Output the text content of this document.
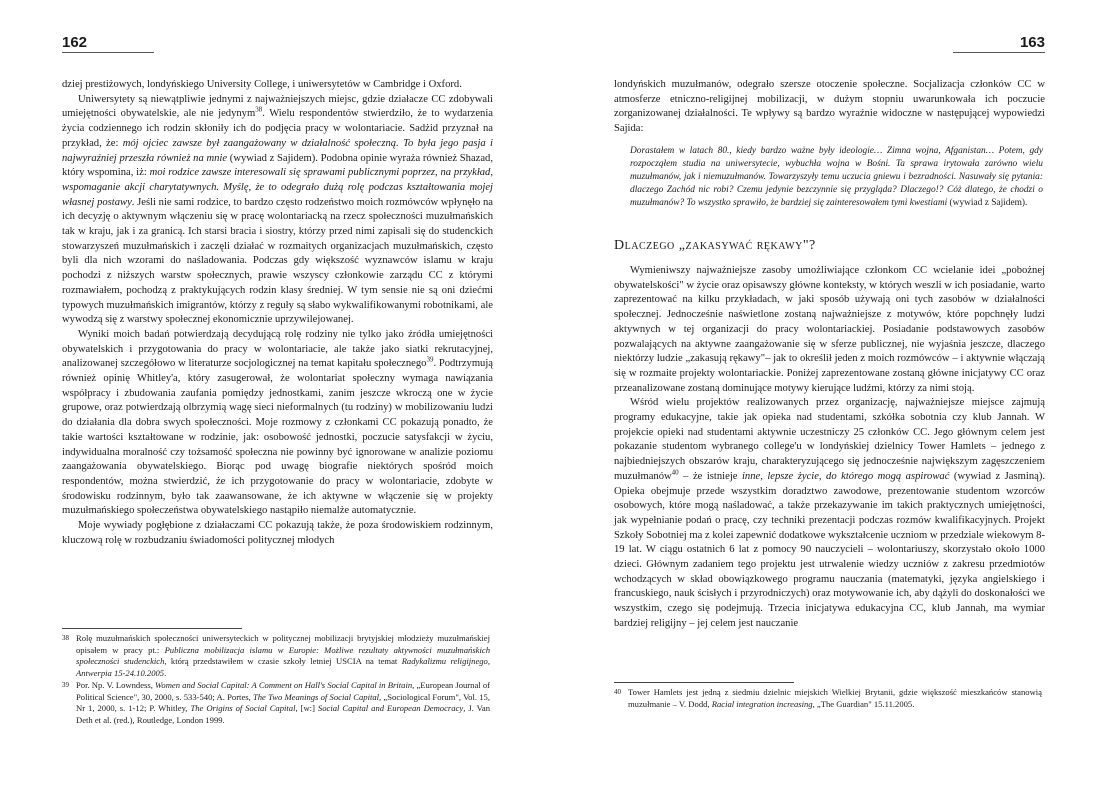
162

dziej prestiżowych, londyńskiego University College, i uniwersytetów w Cambridge i Oxford.

Uniwersytety są niewątpliwie jednymi z najważniejszych miejsc, gdzie działacze CC zdobywali umiejętności obywatelskie, ale nie jedynym$^{38}$. Wielu respondentów stwierdziło, że to wydarzenia życia codziennego ich rodzin skłoniły ich do podjęcia pracy w wolontariacie. Sadżid przyznał na przykład, że: mój ojciec zawsze był zaangażowany w działalność społeczną. To była jego pasja i najwyraźniej przeszła również na mnie (wywiad z Sajidem). Podobna opinie wyraża również Shazad, który wspomina, iż: moi rodzice zawsze interesowali się sprawami publicznymi poprzez, na przykład, wspomaganie akcji charytatywnych. Myślę, że to odegrało dużą rolę podczas kształtowania mojej własnej postawy. Jeśli nie sami rodzice, to bardzo często rodzeństwo moich rozmówców wpłynęło na ich decyzję o aktywnym włączeniu się w pracę wolontariacką na rzecz społeczności muzułmańskich tak w kraju, jak i za granicą. Ich starsi bracia i siostry, którzy przed nimi zapisali się do studenckich stowarzyszeń muzułmańskich i zaczęli działać w rozmaitych organizacjach muzułmańskich, często byli dla nich wzorami do naśladowania. Podczas gdy większość wyznawców islamu w kraju pochodzi z niższych warstw społecznych, prawie wszyscy członkowie zarządu CC z którymi rozmawiałem, pochodzą z praktykujących rodzin klasy średniej. W tym sensie nie są oni dziećmi typowych muzułmańskich imigrantów, którzy z reguły są słabo wykwalifikowanymi robotnikami, ale wywodzą się z warstwy społecznej ekonomicznie uprzywilejowanej.

Wyniki moich badań potwierdzają decydującą rolę rodziny nie tylko jako źródła umiejętności obywatelskich i przygotowania do pracy w wolontariacie, ale także jako siatki rekrutacyjnej, analizowanej szczegółowo w literaturze socjologicznej na temat kapitału społecznego$^{39}$. Podtrzymują również opinię Whitley'a, który zasugerował, że wolontariat społeczny wymaga nawiązania współpracy i zbudowania zaufania pomiędzy jednostkami, zanim jeszcze wkroczą one w życie grupowe, oraz potwierdzają olbrzymią wagę sieci nieformalnych (tu rodziny) w mobilizowaniu ludzi do działania dla dobra swych społeczności. Moje rozmowy z członkami CC pokazują ponadto, że takie wartości kształtowane w rodzinie, jak: osobowość jednostki, poczucie satysfakcji w życiu, indywidualna moralność czy tożsamość społeczna nie powinny być ignorowane w analizie poziomu zaangażowania obywatelskiego. Biorąc pod uwagę biografie niektórych spośród moich respondentów, można stwierdzić, że ich przygotowanie do pracy w wolontariacie, zdobyte w środowisku rodzinnym, było tak zaawansowane, że ich aktywne w włączenie się w projekty muzułmańskiego społeczeństwa obywatelskiego nastąpiło niemalże automatycznie.

Moje wywiady pogłębione z działaczami CC pokazują także, że poza środowiskiem rodzinnym, kluczową rolę w rozbudzaniu świadomości politycznej młodych

38 Rolę muzułmańskich społeczności uniwersyteckich w politycznej mobilizacji brytyjskiej młodzieży muzułmańskiej opisałem w pracy pt.: Publiczna mobilizacja islamu w Europie: Możliwe rezultaty aktywności muzułmańskich społeczności studenckich, którą przedstawiłem w czasie szkoły letniej USCIA na temat Radykalizmu religijnego, Antwerpia 15-24.10.2005.
39 Por. Np. V. Lowndess, Women and Social Capital: A Comment on Hall's Social Capital in Britain, „European Journal of Political Science", 30, 2000, s. 533-540; A. Portes, The Two Meanings of Social Capital, „Sociological Forum", Vol. 15, Nr 1, 2000, s. 1-12; P. Whitley, The Origins of Social Capital, [w:] Social Capital and European Democracy, J. Van Deth et al. (red.), Routledge, London 1999.
163

londyńskich muzułmanów, odegrało szersze otoczenie społeczne. Socjalizacja członków CC w atmosferze etniczno-religijnej mobilizacji, w dużym stopniu uwarunkowała ich poczucie zorganizowanej działalności. Te wpływy są bardzo wyraźnie widoczne w następującej wypowiedzi Sajida:

Dorastałem w latach 80., kiedy bardzo ważne były ideologie… Zimna wojna, Afganistan… Potem, gdy rozpocząłem studia na uniwersytecie, wybuchła wojna w Bośni. Ta sprawa irytowała zarówno wielu muzułmanów, jak i niemuzułmanów. Towarzyszyły temu uczucia gniewu i bezradności. Nasuwały się pytania: dlaczego Zachód nic robi? Czemu jedynie bezczynnie się przygląda? Dlaczego!? Cóż dlatego, że chodzi o muzułmanów? To wszystko sprawiło, że bardziej się zainteresowałem tymi kwestiami (wywiad z Sajidem).
Dlaczego „zakasywać rękawy"?

Wymieniwszy najważniejsze zasoby umożliwiające członkom CC wcielanie idei „pobożnej obywatelskości" w życie oraz opisawszy główne konteksty, w których weszli w ich posiadanie, warto zaprezentować na kilku przykładach, w jaki sposób używają oni tych zasobów w działalności społecznej. Jednocześnie naświetlone zostaną najważniejsze z motywów, które popchnęły ludzi aktywnych w tej organizacji do pracy wolontariackiej. Posiadanie podstawowych zasobów pozwalających na aktywne zaangażowanie się w sferze publicznej, nie wyjaśnia jeszcze, dlaczego niektórzy ludzie „zakasują rękawy"– jak to określił jeden z moich rozmówców – i aktywnie włączają się w rozmaite projekty wolontariackie. Poniżej zaprezentowane zostaną główne inicjatywy CC oraz przeanalizowane zostaną dominujące motywy kierujące ludźmi, którzy za nimi stoją.

Wśród wielu projektów realizowanych przez organizację, najważniejsze miejsce zajmują programy edukacyjne, takie jak opieka nad studentami, szkółka sobotnia czy klub Jannah. W projekcie opieki nad studentami aktywnie uczestniczy 25 członków CC. Jego głównym celem jest pokazanie studentom wybranego college'u w londyńskiej dzielnicy Tower Hamlets – jednego z najbiedniejszych obszarów kraju, charakteryzującego się jednocześnie największym zagęszczeniem muzułmanów$^{40}$ – że istnieje inne, lepsze życie, do którego mogą aspirować (wywiad z Jasminą). Opieka obejmuje przede wszystkim doradztwo zawodowe, prezentowanie studentom wzorców osobowych, które mogą naśladować, a także przekazywanie im takich praktycznych umiejętności, jak wypełnianie podań o pracę, czy techniki prezentacji podczas rozmów kwalifikacyjnych. Projekt Szkoły Sobotniej ma z kolei zapewnić dodatkowe wykształcenie uczniom w przedziale wiekowym 8-19 lat. W ciągu ostatnich 6 lat z pomocy 90 nauczycieli – wolontariuszy, skorzystało około 1000 dzieci. Głównym zadaniem tego projektu jest utrwalenie wiedzy uczniów z zakresu przedmiotów wchodzących w skład obowiązkowego programu nauczania (matematyki, języka angielskiego i francuskiego, nauk ścisłych i przyrodniczych) oraz motywowanie ich, aby dążyli do doskonałości we wszystkim, czego się podejmują. Trzecia inicjatywa edukacyjna CC, klub Jannah, ma wymiar bardziej religijny – jej celem jest nauczanie

40 Tower Hamlets jest jedną z siedmiu dzielnic miejskich Wielkiej Brytanii, gdzie większość mieszkańców stanowią muzułmanie – V. Dodd, Racial integration increasing, „The Guardian" 15.11.2005.
